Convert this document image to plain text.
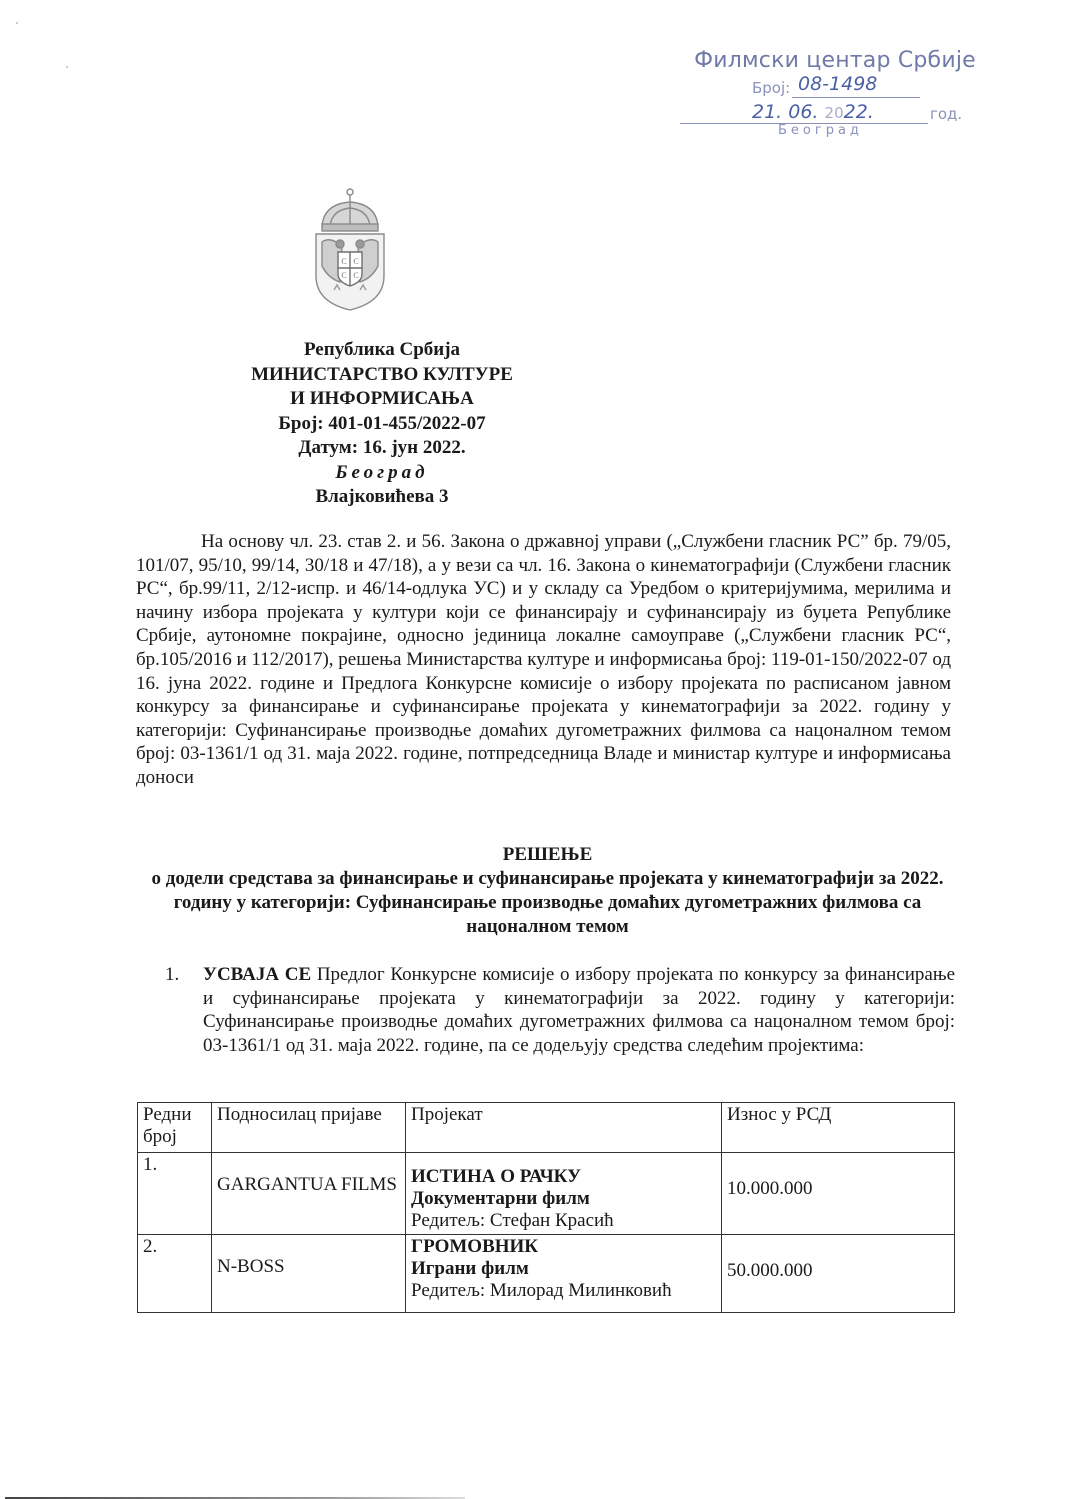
Филмски центар Србије
Број: 08-1498
21. 06. 2022.	год.
Београд
С С
С С
Република Србија
МИНИСТАРСТВО КУЛТУРЕ
И ИНФОРМИСАЊА
Број: 401-01-455/2022-07
Датум: 16. јун 2022.
Београд
Влајковићева 3
На основу чл. 23. став 2. и 56. Закона о државној управи („Службени гласник РС” бр. 79/05, 101/07, 95/10, 99/14, 30/18 и 47/18), а у вези са чл. 16. Закона о кинематографији (Службени гласник РС“, бр.99/11, 2/12-испр. и 46/14-одлука УС) и у складу са Уредбом о критеријумима, мерилима и начину избора пројеката у култури који се финансирају и суфинансирају из буџета Републике Србије, аутономне покрајине, односно јединица локалне самоуправе („Службени гласник РС“, бр.105/2016 и 112/2017), решења Министарства културе и информисања број: 119-01-150/2022-07 од 16. јуна 2022. године и Предлога Конкурсне комисије о избору пројеката по расписаном јавном конкурсу за финансирање и суфинансирање пројеката у кинематографији за 2022. годину у категорији: Суфинансирање производње домаћих дугометражних филмова са нацоналном темом број: 03-1361/1 од 31. маја 2022. године, потпредседница Владе и министар културе и информисања доноси
РЕШЕЊЕ
о додели средстава за финансирање и суфинансирање пројеката у кинематографији за 2022. годину у категорији: Суфинансирање производње домаћих дугометражних филмова са нацоналном темом
1. УСВАЈА СЕ Предлог Конкурсне комисије о избору пројеката по конкурсу за финансирање и суфинансирање пројеката у кинематографији за 2022. годину у категорији: Суфинансирање производње домаћих дугометражних филмова са нацоналном темом број: 03-1361/1 од 31. маја 2022. године, па се додељују средства следећим пројектима:
Редни број	Подносилац пријаве	Пројекат	Износ у РСД
1.	GARGANTUA FILMS	ИСТИНА О РАЧКУ
Документарни филм
Редитељ: Стефан Красић	10.000.000

2.	N-BOSS	ГРОМОВНИК
Играни филм
Редитељ: Милорад Милинковић	50.000.000
